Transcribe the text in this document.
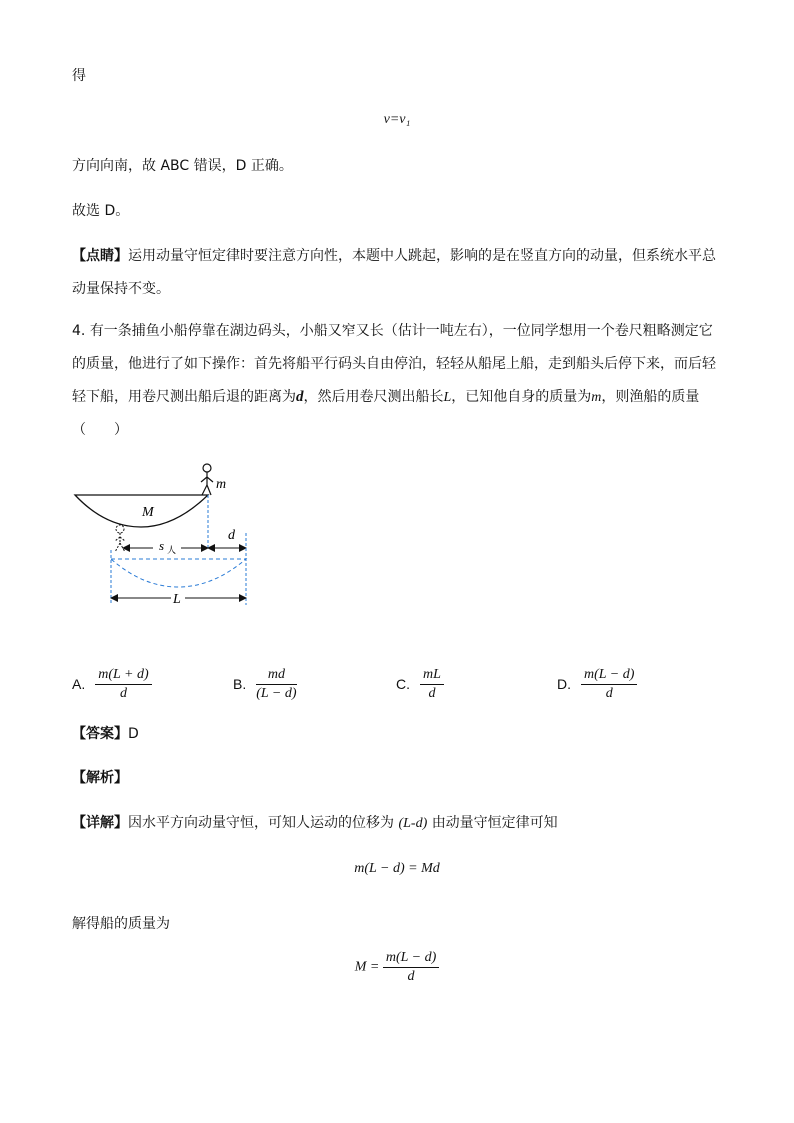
得
v=v₁
方向向南，故 ABC 错误，D 正确。
故选 D。
【点睛】运用动量守恒定律时要注意方向性，本题中人跳起，影响的是在竖直方向的动量，但系统水平总
动量保持不变。
4. 有一条捕鱼小船停靠在湖边码头，小船又窄又长（估计一吨左右），一位同学想用一个卷尺粗略测定它
的质量，他进行了如下操作：首先将船平行码头自由停泊，轻轻从船尾上船，走到船头后停下来，而后轻
轻下船，用卷尺测出船后退的距离为d，然后用卷尺测出船长L，已知他自身的质量为m，则渔船的质量
（　　）
m
M
s 人
d
L
A. $\frac{m(L + d)}{d}$	B. $\frac{md}{(L - d)}$	C. $\frac{mL}{d}$	D. $\frac{m(L - d)}{d}$
【答案】D
【解析】
【详解】因水平方向动量守恒，可知人运动的位移为 (L-d) 由动量守恒定律可知
m(L − d) = Md
解得船的质量为
$M = \frac{m(L - d)}{d}$
